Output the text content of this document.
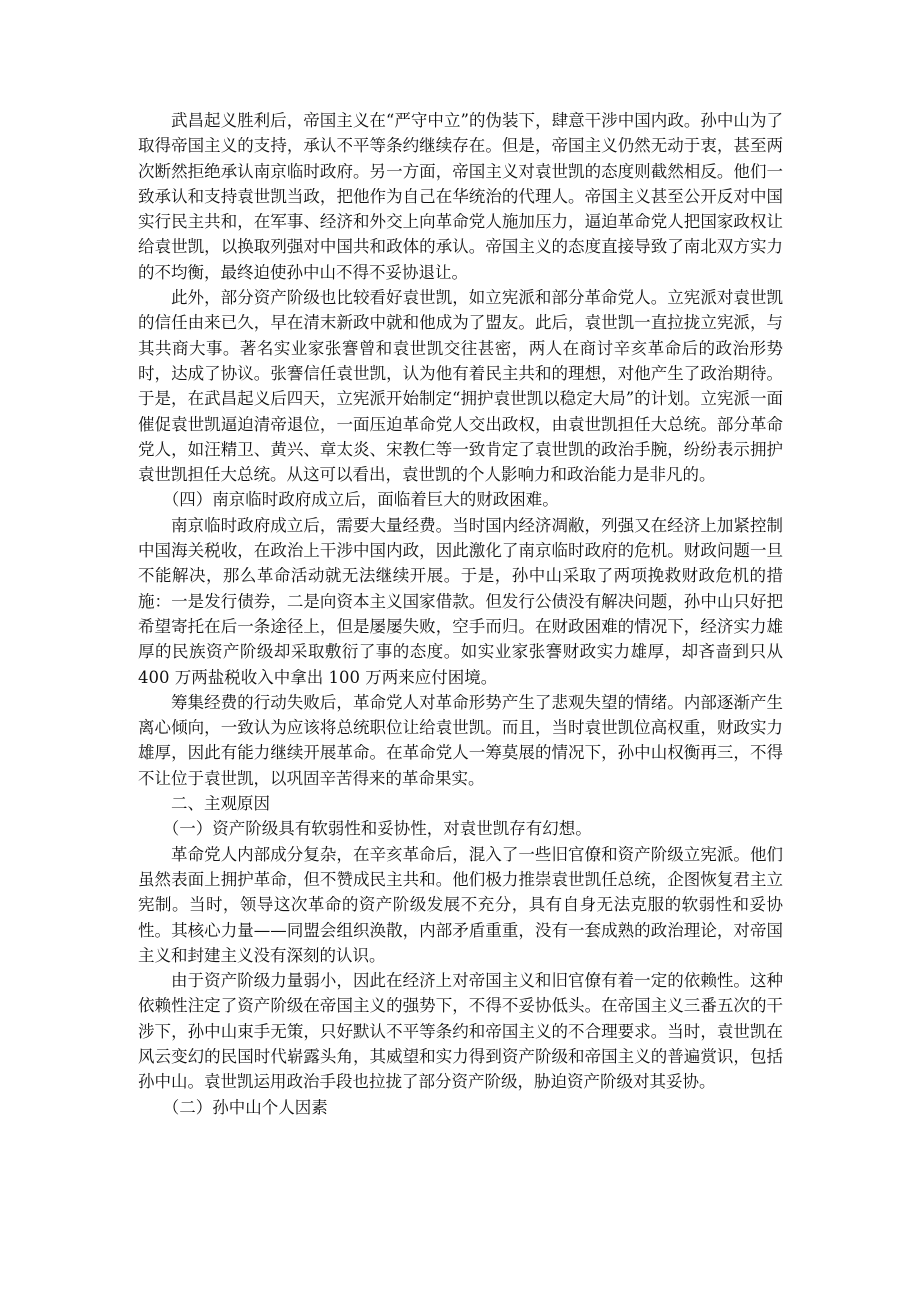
武昌起义胜利后，帝国主义在“严守中立”的伪装下，肆意干涉中国内政。孙中山为了取得帝国主义的支持，承认不平等条约继续存在。但是，帝国主义仍然无动于衷，甚至两次断然拒绝承认南京临时政府。另一方面，帝国主义对袁世凯的态度则截然相反。他们一致承认和支持袁世凯当政，把他作为自己在华统治的代理人。帝国主义甚至公开反对中国实行民主共和，在军事、经济和外交上向革命党人施加压力，逼迫革命党人把国家政权让给袁世凯，以换取列强对中国共和政体的承认。帝国主义的态度直接导致了南北双方实力的不均衡，最终迫使孙中山不得不妥协退让。

此外，部分资产阶级也比较看好袁世凯，如立宪派和部分革命党人。立宪派对袁世凯的信任由来已久，早在清末新政中就和他成为了盟友。此后，袁世凯一直拉拢立宪派，与其共商大事。著名实业家张謇曾和袁世凯交往甚密，两人在商讨辛亥革命后的政治形势时，达成了协议。张謇信任袁世凯，认为他有着民主共和的理想，对他产生了政治期待。于是，在武昌起义后四天，立宪派开始制定“拥护袁世凯以稳定大局”的计划。立宪派一面催促袁世凯逼迫清帝退位，一面压迫革命党人交出政权，由袁世凯担任大总统。部分革命党人，如汪精卫、黄兴、章太炎、宋教仁等一致肯定了袁世凯的政治手腕，纷纷表示拥护袁世凯担任大总统。从这可以看出，袁世凯的个人影响力和政治能力是非凡的。

（四）南京临时政府成立后，面临着巨大的财政困难。

南京临时政府成立后，需要大量经费。当时国内经济凋敝，列强又在经济上加紧控制中国海关税收，在政治上干涉中国内政，因此激化了南京临时政府的危机。财政问题一旦不能解决，那么革命活动就无法继续开展。于是，孙中山采取了两项挽救财政危机的措施：一是发行债券，二是向资本主义国家借款。但发行公债没有解决问题，孙中山只好把希望寄托在后一条途径上，但是屡屡失败，空手而归。在财政困难的情况下，经济实力雄厚的民族资产阶级却采取敷衍了事的态度。如实业家张謇财政实力雄厚，却吝啬到只从 400 万两盐税收入中拿出 100 万两来应付困境。

筹集经费的行动失败后，革命党人对革命形势产生了悲观失望的情绪。内部逐渐产生离心倾向，一致认为应该将总统职位让给袁世凯。而且，当时袁世凯位高权重，财政实力雄厚，因此有能力继续开展革命。在革命党人一筹莫展的情况下，孙中山权衡再三，不得不让位于袁世凯，以巩固辛苦得来的革命果实。

二、主观原因

（一）资产阶级具有软弱性和妥协性，对袁世凯存有幻想。

革命党人内部成分复杂，在辛亥革命后，混入了一些旧官僚和资产阶级立宪派。他们虽然表面上拥护革命，但不赞成民主共和。他们极力推崇袁世凯任总统，企图恢复君主立宪制。当时，领导这次革命的资产阶级发展不充分，具有自身无法克服的软弱性和妥协性。其核心力量——同盟会组织涣散，内部矛盾重重，没有一套成熟的政治理论，对帝国主义和封建主义没有深刻的认识。

由于资产阶级力量弱小，因此在经济上对帝国主义和旧官僚有着一定的依赖性。这种依赖性注定了资产阶级在帝国主义的强势下，不得不妥协低头。在帝国主义三番五次的干涉下，孙中山束手无策，只好默认不平等条约和帝国主义的不合理要求。当时，袁世凯在风云变幻的民国时代崭露头角，其威望和实力得到资产阶级和帝国主义的普遍赏识，包括孙中山。袁世凯运用政治手段也拉拢了部分资产阶级，胁迫资产阶级对其妥协。

（二）孙中山个人因素
